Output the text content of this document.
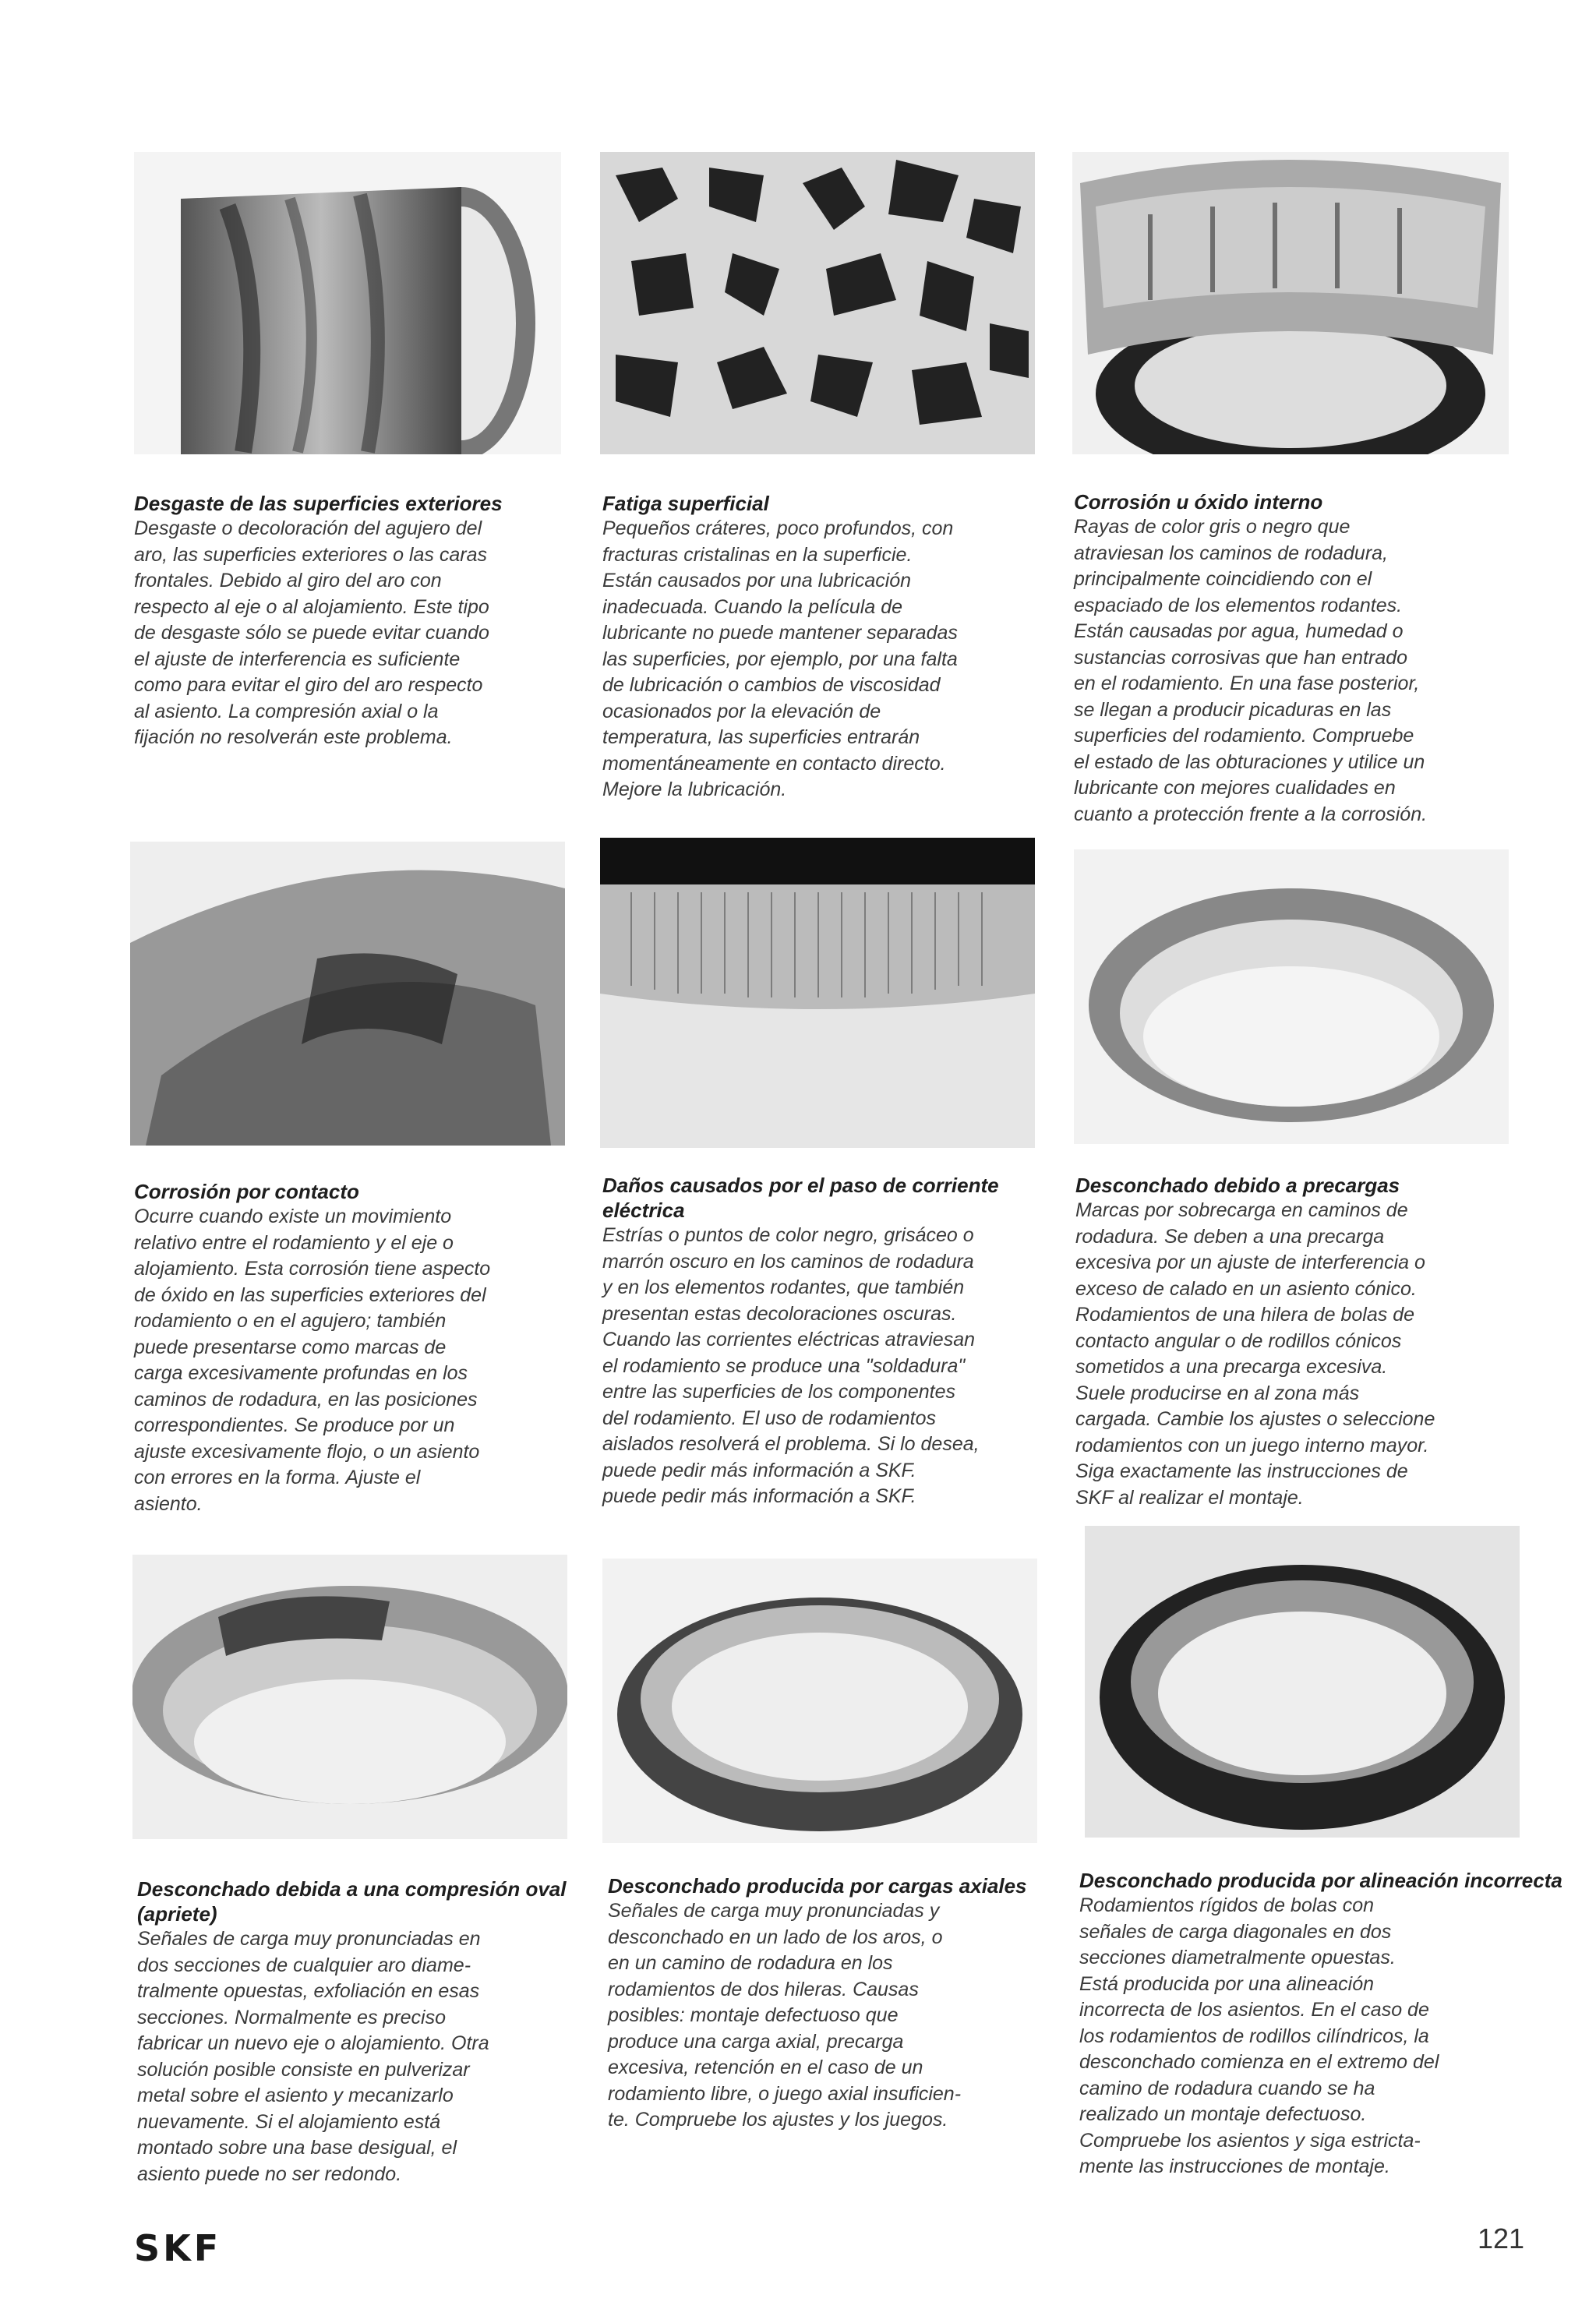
Desgaste de las superficies exteriores

Desgaste o decoloración del agujero del
aro, las superficies exteriores o las caras
frontales. Debido al giro del aro con
respecto al eje o al alojamiento. Este tipo
de desgaste sólo se puede evitar cuando
el ajuste de interferencia es suficiente
como para evitar el giro del aro respecto
al asiento. La compresión axial o la
fijación no resolverán este problema.

Fatiga superficial

Pequeños cráteres, poco profundos, con
fracturas cristalinas en la superficie.
Están causados por una lubricación
inadecuada. Cuando la película de
lubricante no puede mantener separadas
las superficies, por ejemplo, por una falta
de lubricación o cambios de viscosidad
ocasionados por la elevación de
temperatura, las superficies entrarán
momentáneamente en contacto directo.
Mejore la lubricación.

Corrosión u óxido interno

Rayas de color gris o negro que
atraviesan los caminos de rodadura,
principalmente coincidiendo con el
espaciado de los elementos rodantes.
Están causadas por agua, humedad o
sustancias corrosivas que han entrado
en el rodamiento. En una fase posterior,
se llegan a producir picaduras en las
superficies del rodamiento. Compruebe
el estado de las obturaciones y utilice un
lubricante con mejores cualidades en
cuanto a protección frente a la corrosión.

Corrosión por contacto

Ocurre cuando existe un movimiento
relativo entre el rodamiento y el eje o
alojamiento. Esta corrosión tiene aspecto
de óxido en las superficies exteriores del
rodamiento o en el agujero; también
puede presentarse como marcas de
carga excesivamente profundas en los
caminos de rodadura, en las posiciones
correspondientes. Se produce por un
ajuste excesivamente flojo, o un asiento
con errores en la forma. Ajuste el
asiento.

Daños causados por el paso de corriente eléctrica

Estrías o puntos de color negro, grisáceo o
marrón oscuro en los caminos de rodadura
y en los elementos rodantes, que también
presentan estas decoloraciones oscuras.
Cuando las corrientes eléctricas atraviesan
el rodamiento se produce una "soldadura"
entre las superficies de los componentes
del rodamiento. El uso de rodamientos
aislados resolverá el problema. Si lo desea,
puede pedir más información a SKF.
puede pedir más información a SKF.

Desconchado debido a precargas

Marcas por sobrecarga en caminos de
rodadura. Se deben a una precarga
excesiva por un ajuste de interferencia o
exceso de calado en un asiento cónico.
Rodamientos de una hilera de bolas de
contacto angular o de rodillos cónicos
sometidos a una precarga excesiva.
Suele producirse en al zona más
cargada. Cambie los ajustes o seleccione
rodamientos con un juego interno mayor.
Siga exactamente las instrucciones de
SKF al realizar el montaje.

Desconchado debida a una compresión oval (apriete)

Señales de carga muy pronunciadas en
dos secciones de cualquier aro diame-
tralmente opuestas, exfoliación en esas
secciones. Normalmente es preciso
fabricar un nuevo eje o alojamiento. Otra
solución posible consiste en pulverizar
metal sobre el asiento y mecanizarlo
nuevamente. Si el alojamiento está
montado sobre una base desigual, el
asiento puede no ser redondo.

Desconchado producida por cargas axiales

Señales de carga muy pronunciadas y
desconchado en un lado de los aros, o
en un camino de rodadura en los
rodamientos de dos hileras. Causas
posibles: montaje defectuoso que
produce una carga axial, precarga
excesiva, retención en el caso de un
rodamiento libre, o juego axial insuficien-
te. Compruebe los ajustes y los juegos.

Desconchado producida por alineación incorrecta

Rodamientos rígidos de bolas con
señales de carga diagonales en dos
secciones diametralmente opuestas.
Está producida por una alineación
incorrecta de los asientos. En el caso de
los rodamientos de rodillos cilíndricos, la
desconchado comienza en el extremo del
camino de rodadura cuando se ha
realizado un montaje defectuoso.
Compruebe los asientos y siga estricta-
mente las instrucciones de montaje.

SKF	121
